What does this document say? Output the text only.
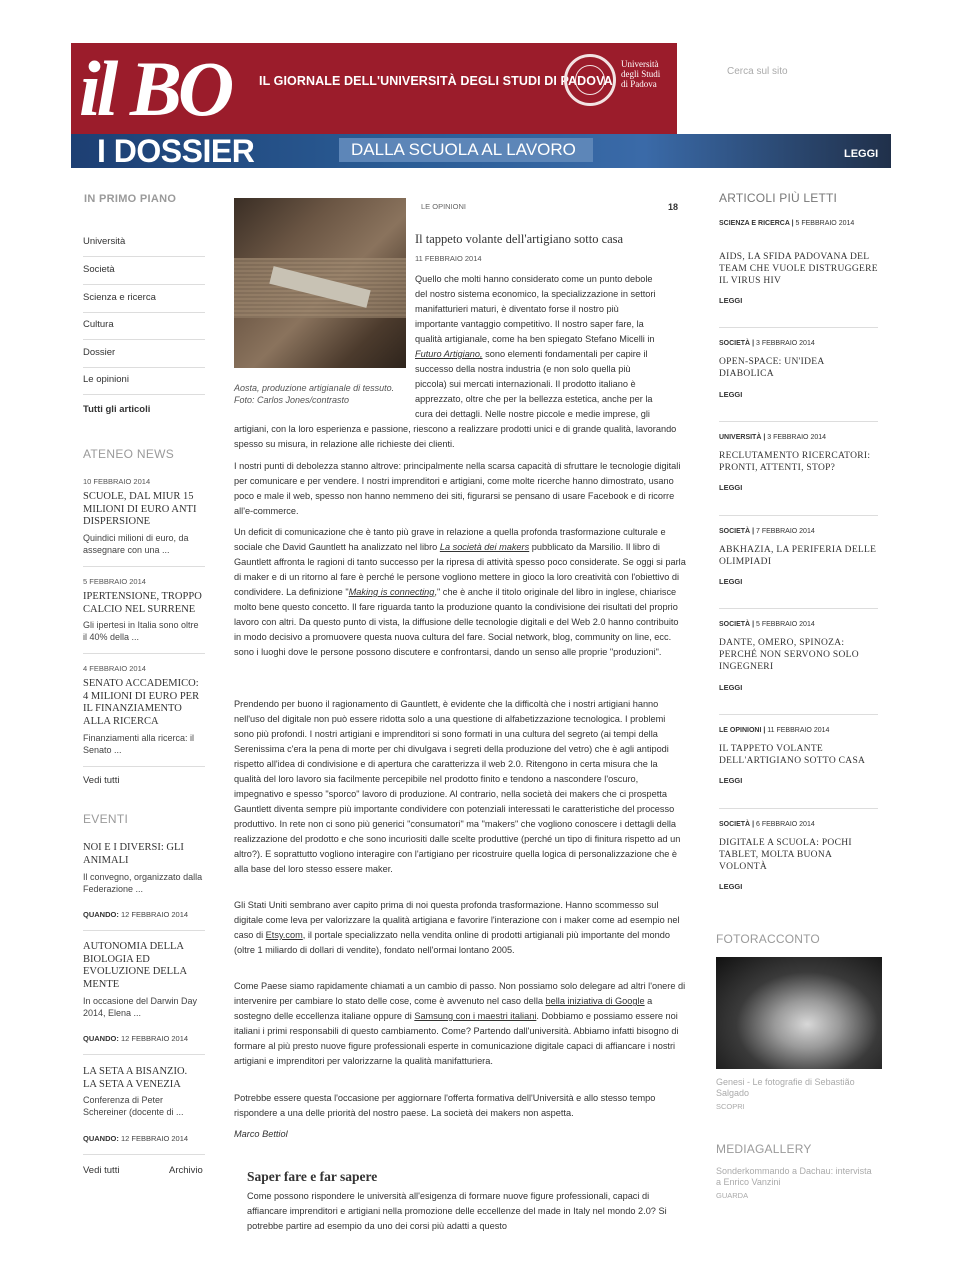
il BO	IL GIORNALE DELL'UNIVERSITÀ DEGLI STUDI DI PADOVA
Università
degli Studi
di Padova
Cerca sul sito
I DOSSIER	DALLA SCUOLA AL LAVORO	LEGGI
IN PRIMO PIANO
Università
Società
Scienza e ricerca
Cultura
Dossier
Le opinioni
Tutti gli articoli
ATENEO NEWS
10 FEBBRAIO 2014
SCUOLE, DAL MIUR 15 MILIONI DI EURO ANTI DISPERSIONE
Quindici milioni di euro, da assegnare con una ...
5 FEBBRAIO 2014
IPERTENSIONE, TROPPO CALCIO NEL SURRENE
Gli ipertesi in Italia sono oltre il 40% della ...
4 FEBBRAIO 2014
SENATO ACCADEMICO: 4 MILIONI DI EURO PER IL FINANZIAMENTO ALLA RICERCA
Finanziamenti alla ricerca: il Senato ...
Vedi tutti
EVENTI
NOI E I DIVERSI: GLI ANIMALI
Il convegno, organizzato dalla Federazione ...
QUANDO: 12 FEBBRAIO 2014
AUTONOMIA DELLA BIOLOGIA ED EVOLUZIONE DELLA MENTE
In occasione del Darwin Day 2014, Elena ...
QUANDO: 12 FEBBRAIO 2014
LA SETA A BISANZIO. LA SETA A VENEZIA
Conferenza di Peter Schereiner (docente di ...
QUANDO: 12 FEBBRAIO 2014
Vedi tutti	Archivio
Aosta, produzione artigianale di tessuto. Foto: Carlos Jones/contrasto
LE OPINIONI	18
Il tappeto volante dell'artigiano sotto casa
11 FEBBRAIO 2014
Quello che molti hanno considerato come un punto debole
del nostro sistema economico, la specializzazione in settori
manifatturieri maturi, è diventato forse il nostro più
importante vantaggio competitivo. Il nostro saper fare, la
qualità artigianale, come ha ben spiegato Stefano Micelli in
Futuro Artigiano, sono elementi fondamentali per capire il
successo della nostra industria (e non solo quella più
piccola) sui mercati internazionali. Il prodotto italiano è
apprezzato, oltre che per la bellezza estetica, anche per la
cura dei dettagli. Nelle nostre piccole e medie imprese, gli
artigiani, con la loro esperienza e passione, riescono a realizzare prodotti unici e di grande qualità, lavorando spesso su misura, in relazione alle richieste dei clienti.
I nostri punti di debolezza stanno altrove: principalmente nella scarsa capacità di sfruttare le tecnologie digitali per comunicare e per vendere. I nostri imprenditori e artigiani, come molte ricerche hanno dimostrato, usano poco e male il web, spesso non hanno nemmeno dei siti, figurarsi se pensano di usare Facebook e di ricorre all'e-commerce.
Un deficit di comunicazione che è tanto più grave in relazione a quella profonda trasformazione culturale e sociale che David Gauntlett ha analizzato nel libro La società dei makers pubblicato da Marsilio. Il libro di Gauntlett affronta le ragioni di tanto successo per la ripresa di attività spesso poco considerate. Se oggi si parla di maker e di un ritorno al fare è perché le persone vogliono mettere in gioco la loro creatività con l'obiettivo di condividere. La definizione "Making is connecting," che è anche il titolo originale del libro in inglese, chiarisce molto bene questo concetto. Il fare riguarda tanto la produzione quanto la condivisione dei risultati del proprio lavoro con altri. Da questo punto di vista, la diffusione delle tecnologie digitali e del Web 2.0 hanno contribuito in modo decisivo a promuovere questa nuova cultura del fare. Social network, blog, community on line, ecc. sono i luoghi dove le persone possono discutere e confrontarsi, dando un senso alle proprie "produzioni".
Prendendo per buono il ragionamento di Gauntlett, è evidente che la difficoltà che i nostri artigiani hanno nell'uso del digitale non può essere ridotta solo a una questione di alfabetizzazione tecnologica. I problemi sono più profondi. I nostri artigiani e imprenditori si sono formati in una cultura del segreto (ai tempi della Serenissima c'era la pena di morte per chi divulgava i segreti della produzione del vetro) che è agli antipodi rispetto all'idea di condivisione e di apertura che caratterizza il web 2.0. Ritengono in certa misura che la qualità del loro lavoro sia facilmente percepibile nel prodotto finito e tendono a nascondere l'oscuro, impegnativo e spesso "sporco" lavoro di produzione. Al contrario, nella società dei makers che ci prospetta Gauntlett diventa sempre più importante condividere con potenziali interessati le caratteristiche del processo produttivo. In rete non ci sono più generici "consumatori" ma "makers" che vogliono conoscere i dettagli della realizzazione del prodotto e che sono incuriositi dalle scelte produttive (perché un tipo di finitura rispetto ad un altro?). E soprattutto vogliono interagire con l'artigiano per ricostruire quella logica di personalizzazione che è alla base del loro stesso essere maker.
Gli Stati Uniti sembrano aver capito prima di noi questa profonda trasformazione. Hanno scommesso sul digitale come leva per valorizzare la qualità artigiana e favorire l'interazione con i maker come ad esempio nel caso di Etsy.com, il portale specializzato nella vendita online di prodotti artigianali più importante del mondo (oltre 1 miliardo di dollari di vendite), fondato nell'ormai lontano 2005.
Come Paese siamo rapidamente chiamati a un cambio di passo. Non possiamo solo delegare ad altri l'onere di intervenire per cambiare lo stato delle cose, come è avvenuto nel caso della bella iniziativa di Google a sostegno delle eccellenza italiane oppure di Samsung con i maestri italiani. Dobbiamo e possiamo essere noi italiani i primi responsabili di questo cambiamento. Come? Partendo dall'università. Abbiamo infatti bisogno di formare al più presto nuove figure professionali esperte in comunicazione digitale capaci di affiancare i nostri artigiani e imprenditori per valorizzarne la qualità manifatturiera.
Potrebbe essere questa l'occasione per aggiornare l'offerta formativa dell'Università e allo stesso tempo rispondere a una delle priorità del nostro paese. La società dei makers non aspetta.
Marco Bettiol
Saper fare e far sapere
Come possono rispondere le università all'esigenza di formare nuove figure professionali, capaci di affiancare imprenditori e artigiani nella promozione delle eccellenze del made in Italy nel mondo 2.0? Si potrebbe partire ad esempio da uno dei corsi più adatti a questo
ARTICOLI PIÙ LETTI
SCIENZA E RICERCA | 5 FEBBRAIO 2014
AIDS, LA SFIDA PADOVANA DEL TEAM CHE VUOLE DISTRUGGERE IL VIRUS HIV
LEGGI
SOCIETÀ | 3 FEBBRAIO 2014
OPEN-SPACE: UN'IDEA DIABOLICA
LEGGI
UNIVERSITÀ | 3 FEBBRAIO 2014
RECLUTAMENTO RICERCATORI: PRONTI, ATTENTI, STOP?
LEGGI
SOCIETÀ | 7 FEBBRAIO 2014
ABKHAZIA, LA PERIFERIA DELLE OLIMPIADI
LEGGI
SOCIETÀ | 5 FEBBRAIO 2014
DANTE, OMERO, SPINOZA: PERCHÉ NON SERVONO SOLO INGEGNERI
LEGGI
LE OPINIONI | 11 FEBBRAIO 2014
IL TAPPETO VOLANTE DELL'ARTIGIANO SOTTO CASA
LEGGI
SOCIETÀ | 6 FEBBRAIO 2014
DIGITALE A SCUOLA: POCHI TABLET, MOLTA BUONA VOLONTÀ
LEGGI
FOTORACCONTO
Genesi - Le fotografie di Sebastião Salgado
SCOPRI
MEDIAGALLERY
Sonderkommando a Dachau: intervista a Enrico Vanzini
GUARDA
